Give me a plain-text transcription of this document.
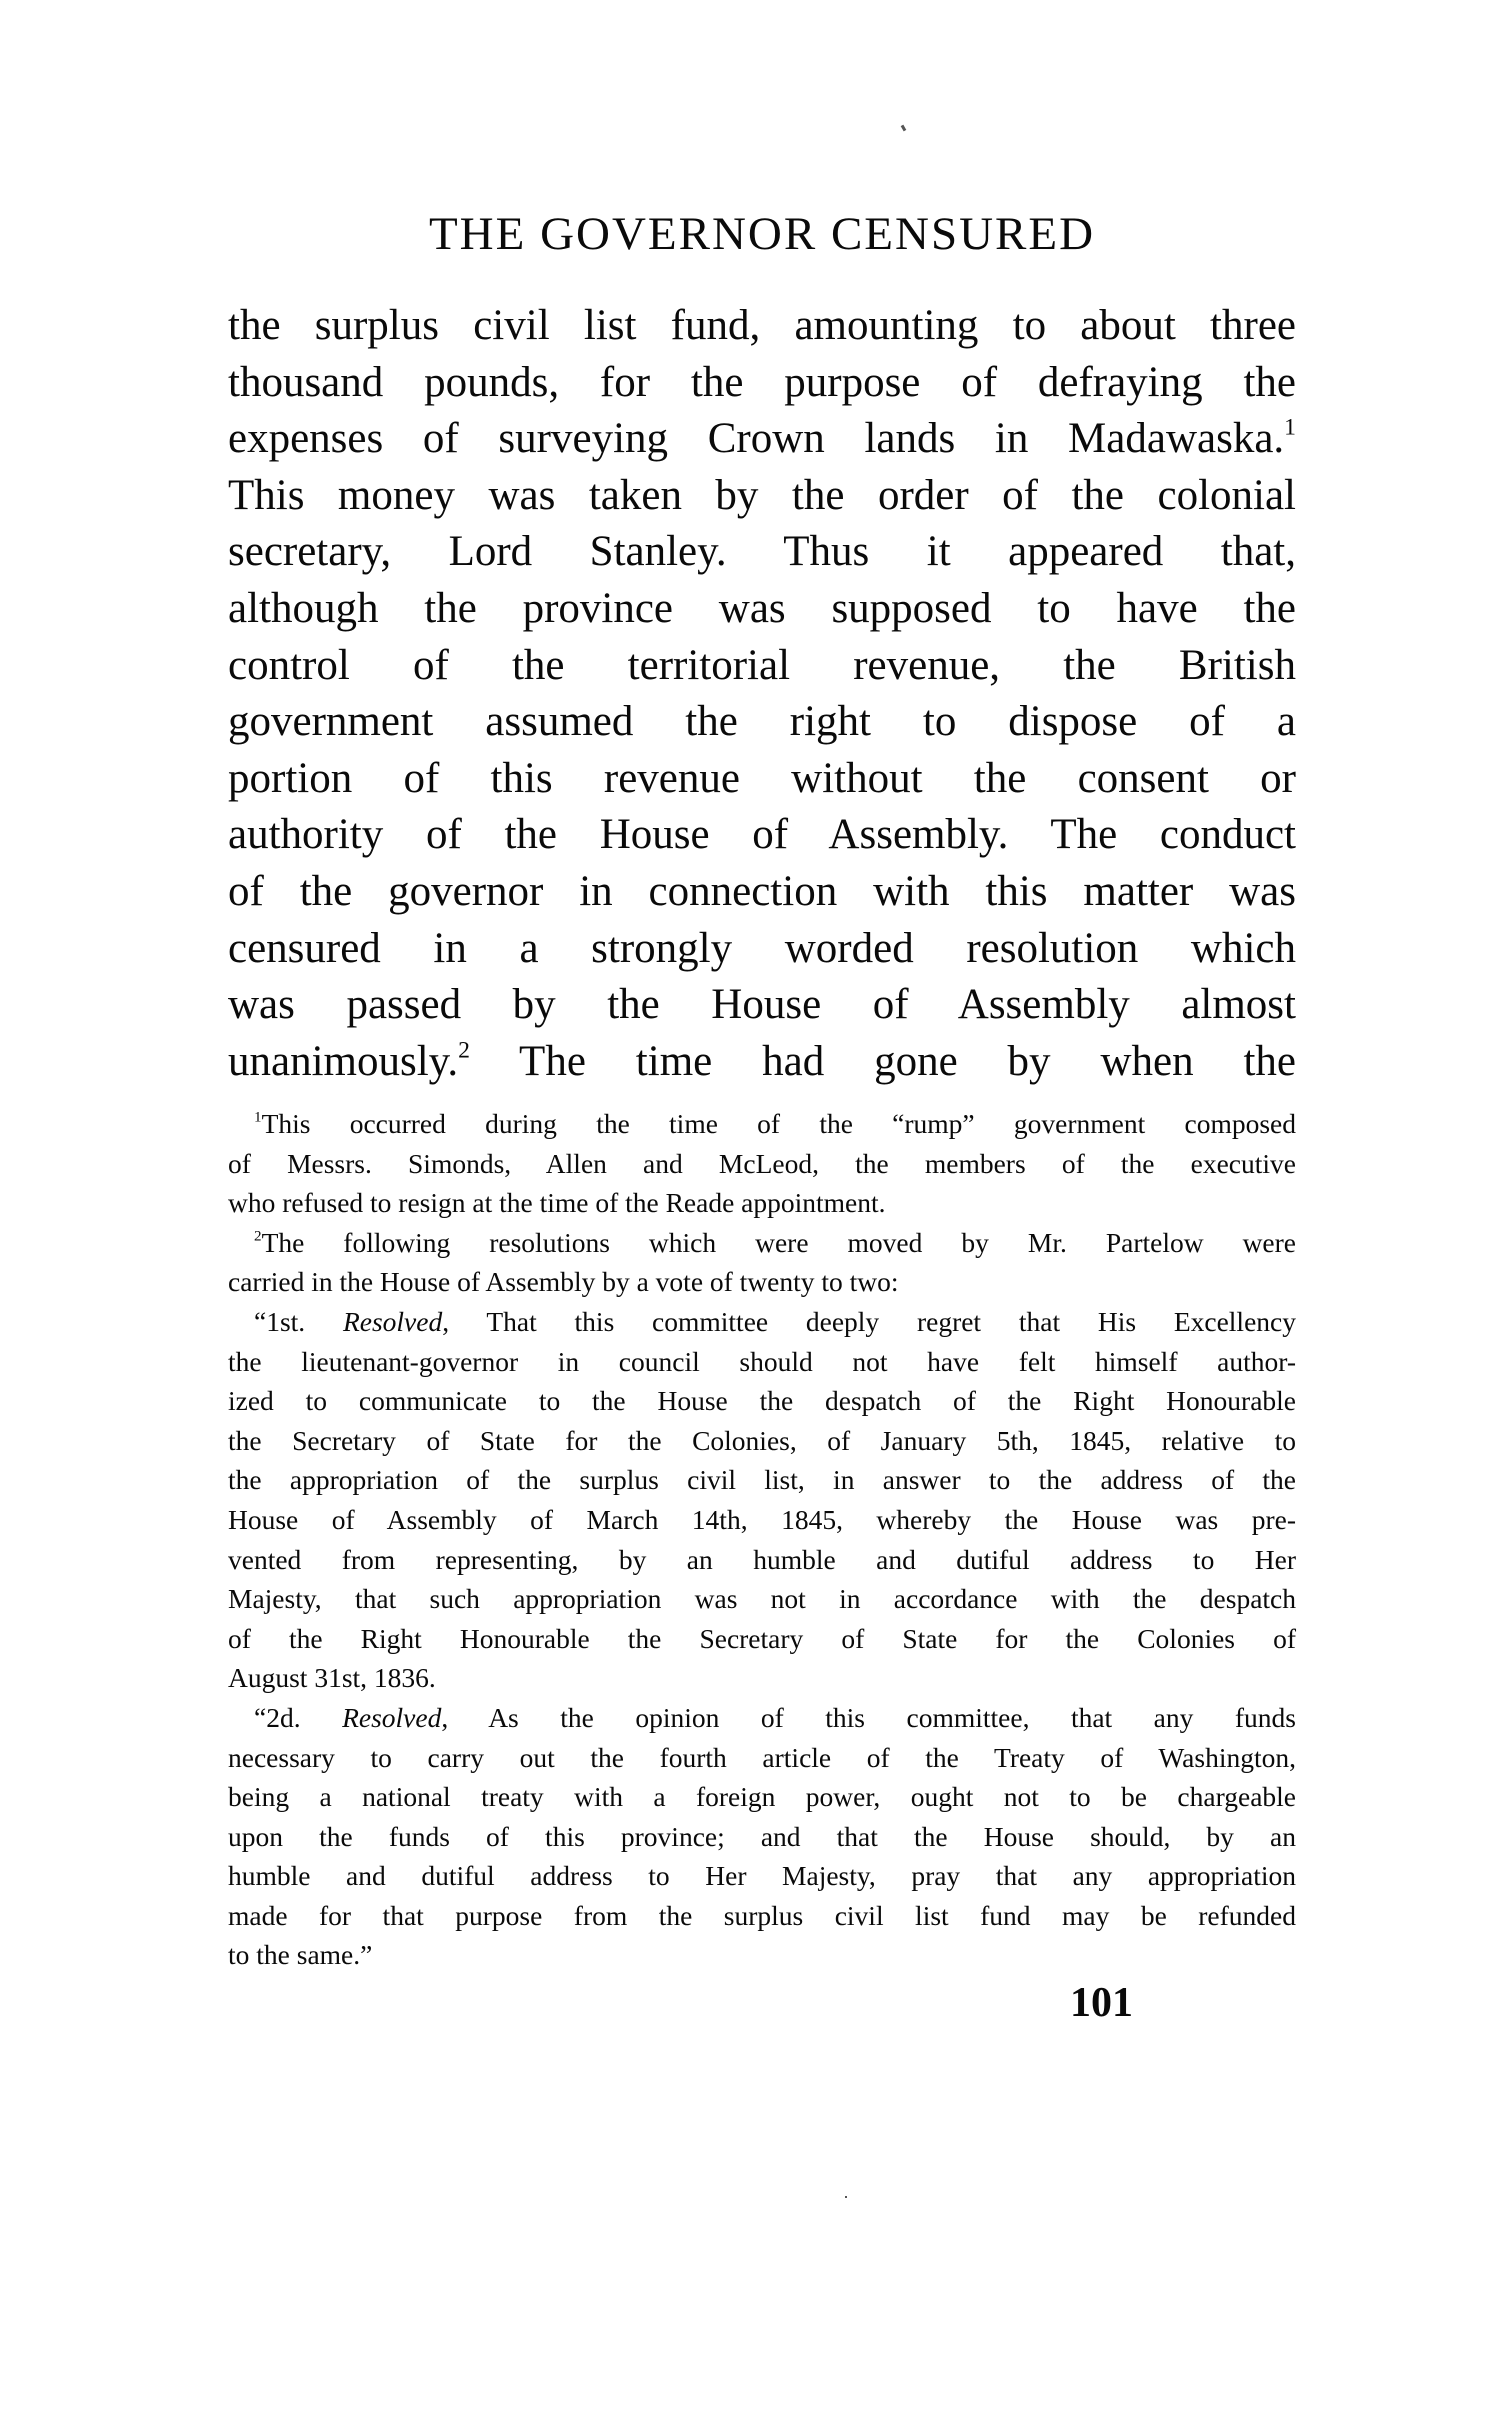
THE GOVERNOR CENSURED
the surplus civil list fund, amounting to about three
thousand pounds, for the purpose of defraying the
expenses of surveying Crown lands in Madawaska.$^1$
This money was taken by the order of the colonial
secretary, Lord Stanley. Thus it appeared that,
although the province was supposed to have the
control of the territorial revenue, the British
government assumed the right to dispose of a
portion of this revenue without the consent or
authority of the House of Assembly. The conduct
of the governor in connection with this matter was
censured in a strongly worded resolution which
was passed by the House of Assembly almost
unanimously.$^2$ The time had gone by when the
$^1$This occurred during the time of the “rump” government composed
of Messrs. Simonds, Allen and McLeod, the members of the executive
who refused to resign at the time of the Reade appointment.
$^2$The following resolutions which were moved by Mr. Partelow were
carried in the House of Assembly by a vote of twenty to two:
“1st. Resolved, That this committee deeply regret that His Excellency
the lieutenant-governor in council should not have felt himself author-
ized to communicate to the House the despatch of the Right Honourable
the Secretary of State for the Colonies, of January 5th, 1845, relative to
the appropriation of the surplus civil list, in answer to the address of the
House of Assembly of March 14th, 1845, whereby the House was pre-
vented from representing, by an humble and dutiful address to Her
Majesty, that such appropriation was not in accordance with the despatch
of the Right Honourable the Secretary of State for the Colonies of
August 31st, 1836.
“2d. Resolved, As the opinion of this committee, that any funds
necessary to carry out the fourth article of the Treaty of Washington,
being a national treaty with a foreign power, ought not to be chargeable
upon the funds of this province; and that the House should, by an
humble and dutiful address to Her Majesty, pray that any appropriation
made for that purpose from the surplus civil list fund may be refunded
to the same.”
101
